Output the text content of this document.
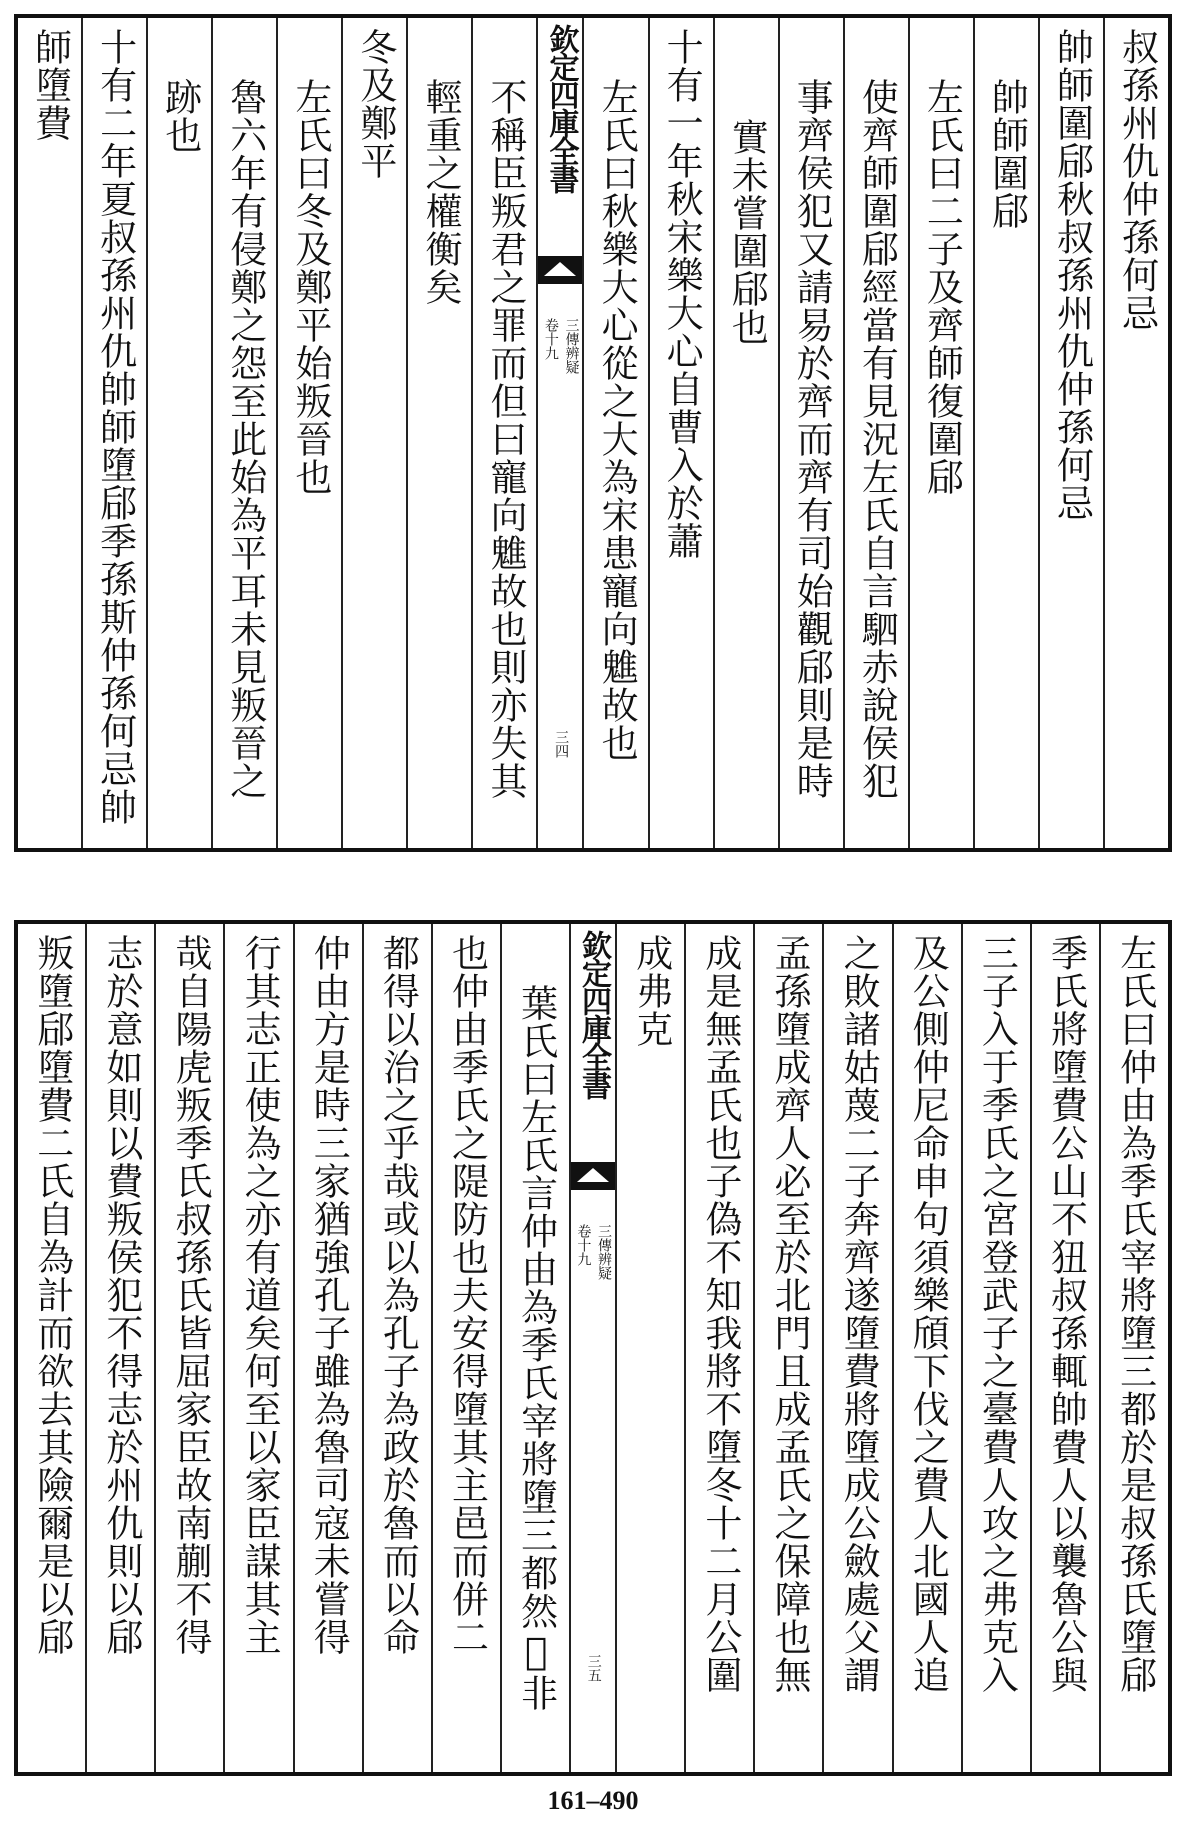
叔孫州仇仲孫何忌
帥師圍郈秋叔孫州仇仲孫何忌
帥師圍郈
左氏曰二子及齊師復圍郈
使齊師圍郈經當有見況左氏自言駟赤說侯犯
事齊侯犯又請易於齊而齊有司始觀郈則是時
實未嘗圍郈也
十有一年秋宋樂大心自曹入於蕭
左氏曰秋樂大心從之大為宋患寵向魋故也
欽定四庫全書
三傳辨疑
卷十九
三四
不稱臣叛君之罪而但曰寵向魋故也則亦失其
輕重之權衡矣
冬及鄭平
左氏曰冬及鄭平始叛晉也
魯六年有侵鄭之怨至此始為平耳未見叛晉之
跡也
十有二年夏叔孫州仇帥師墮郈季孫斯仲孫何忌帥
師墮費
左氏曰仲由為季氏宰將墮三都於是叔孫氏墮郈
季氏將墮費公山不狃叔孫輒帥費人以襲魯公與
三子入于季氏之宮登武子之臺費人攻之弗克入
及公側仲尼命申句須樂頎下伐之費人北國人追
之敗諸姑蔑二子奔齊遂墮費將墮成公斂處父謂
孟孫墮成齊人必至於北門且成孟氏之保障也無
成是無孟氏也子偽不知我將不墮冬十二月公圍
成弗克
欽定四庫全書
三傳辨疑
卷十九
三五
葉氏曰左氏言仲由為季氏宰將墮三都然𦕅非
也仲由季氏之隄防也夫安得墮其主邑而併二
都得以治之乎哉或以為孔子為政於魯而以命
仲由方是時三家猶強孔子雖為魯司寇未嘗得
行其志正使為之亦有道矣何至以家臣謀其主
哉自陽虎叛季氏叔孫氏皆屈家臣故南蒯不得
志於意如則以費叛侯犯不得志於州仇則以郈
叛墮郈墮費二氏自為計而欲去其險爾是以郈
161–490
